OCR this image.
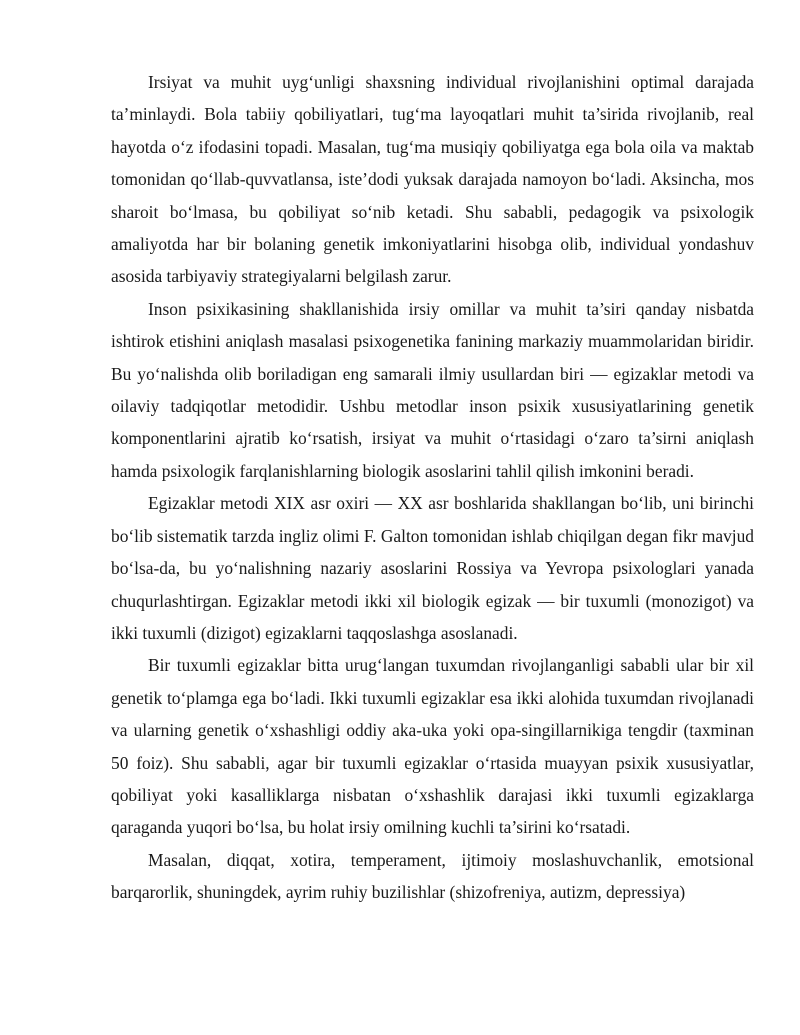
Irsiyat va muhit uyg‘unligi shaxsning individual rivojlanishini optimal darajada ta’minlaydi. Bola tabiiy qobiliyatlari, tug‘ma layoqatlari muhit ta’sirida rivojlanib, real hayotda o‘z ifodasini topadi. Masalan, tug‘ma musiqiy qobiliyatga ega bola oila va maktab tomonidan qo‘llab-quvvatlansa, iste’dodi yuksak darajada namoyon bo‘ladi. Aksincha, mos sharoit bo‘lmasa, bu qobiliyat so‘nib ketadi. Shu sababli, pedagogik va psixologik amaliyotda har bir bolaning genetik imkoniyatlarini hisobga olib, individual yondashuv asosida tarbiyaviy strategiyalarni belgilash zarur.

Inson psixikasining shakllanishida irsiy omillar va muhit ta’siri qanday nisbatda ishtirok etishini aniqlash masalasi psixogenetika fanining markaziy muammolaridan biridir. Bu yo‘nalishda olib boriladigan eng samarali ilmiy usullardan biri — egizaklar metodi va oilaviy tadqiqotlar metodidir. Ushbu metodlar inson psixik xususiyatlarining genetik komponentlarini ajratib ko‘rsatish, irsiyat va muhit o‘rtasidagi o‘zaro ta’sirni aniqlash hamda psixologik farqlanishlarning biologik asoslarini tahlil qilish imkonini beradi.

Egizaklar metodi XIX asr oxiri — XX asr boshlarida shakllangan bo‘lib, uni birinchi bo‘lib sistematik tarzda ingliz olimi F. Galton tomonidan ishlab chiqilgan degan fikr mavjud bo‘lsa-da, bu yo‘nalishning nazariy asoslarini Rossiya va Yevropa psixologlari yanada chuqurlashtirgan. Egizaklar metodi ikki xil biologik egizak — bir tuxumli (monozigot) va ikki tuxumli (dizigot) egizaklarni taqqoslashga asoslanadi.

Bir tuxumli egizaklar bitta urug‘langan tuxumdan rivojlanganligi sababli ular bir xil genetik to‘plamga ega bo‘ladi. Ikki tuxumli egizaklar esa ikki alohida tuxumdan rivojlanadi va ularning genetik o‘xshashligi oddiy aka-uka yoki opa-singillarnikiga tengdir (taxminan 50 foiz). Shu sababli, agar bir tuxumli egizaklar o‘rtasida muayyan psixik xususiyatlar, qobiliyat yoki kasalliklarga nisbatan o‘xshashlik darajasi ikki tuxumli egizaklarga qaraganda yuqori bo‘lsa, bu holat irsiy omilning kuchli ta’sirini ko‘rsatadi.

Masalan, diqqat, xotira, temperament, ijtimoiy moslashuvchanlik, emotsional barqarorlik, shuningdek, ayrim ruhiy buzilishlar (shizofreniya, autizm, depressiya)
